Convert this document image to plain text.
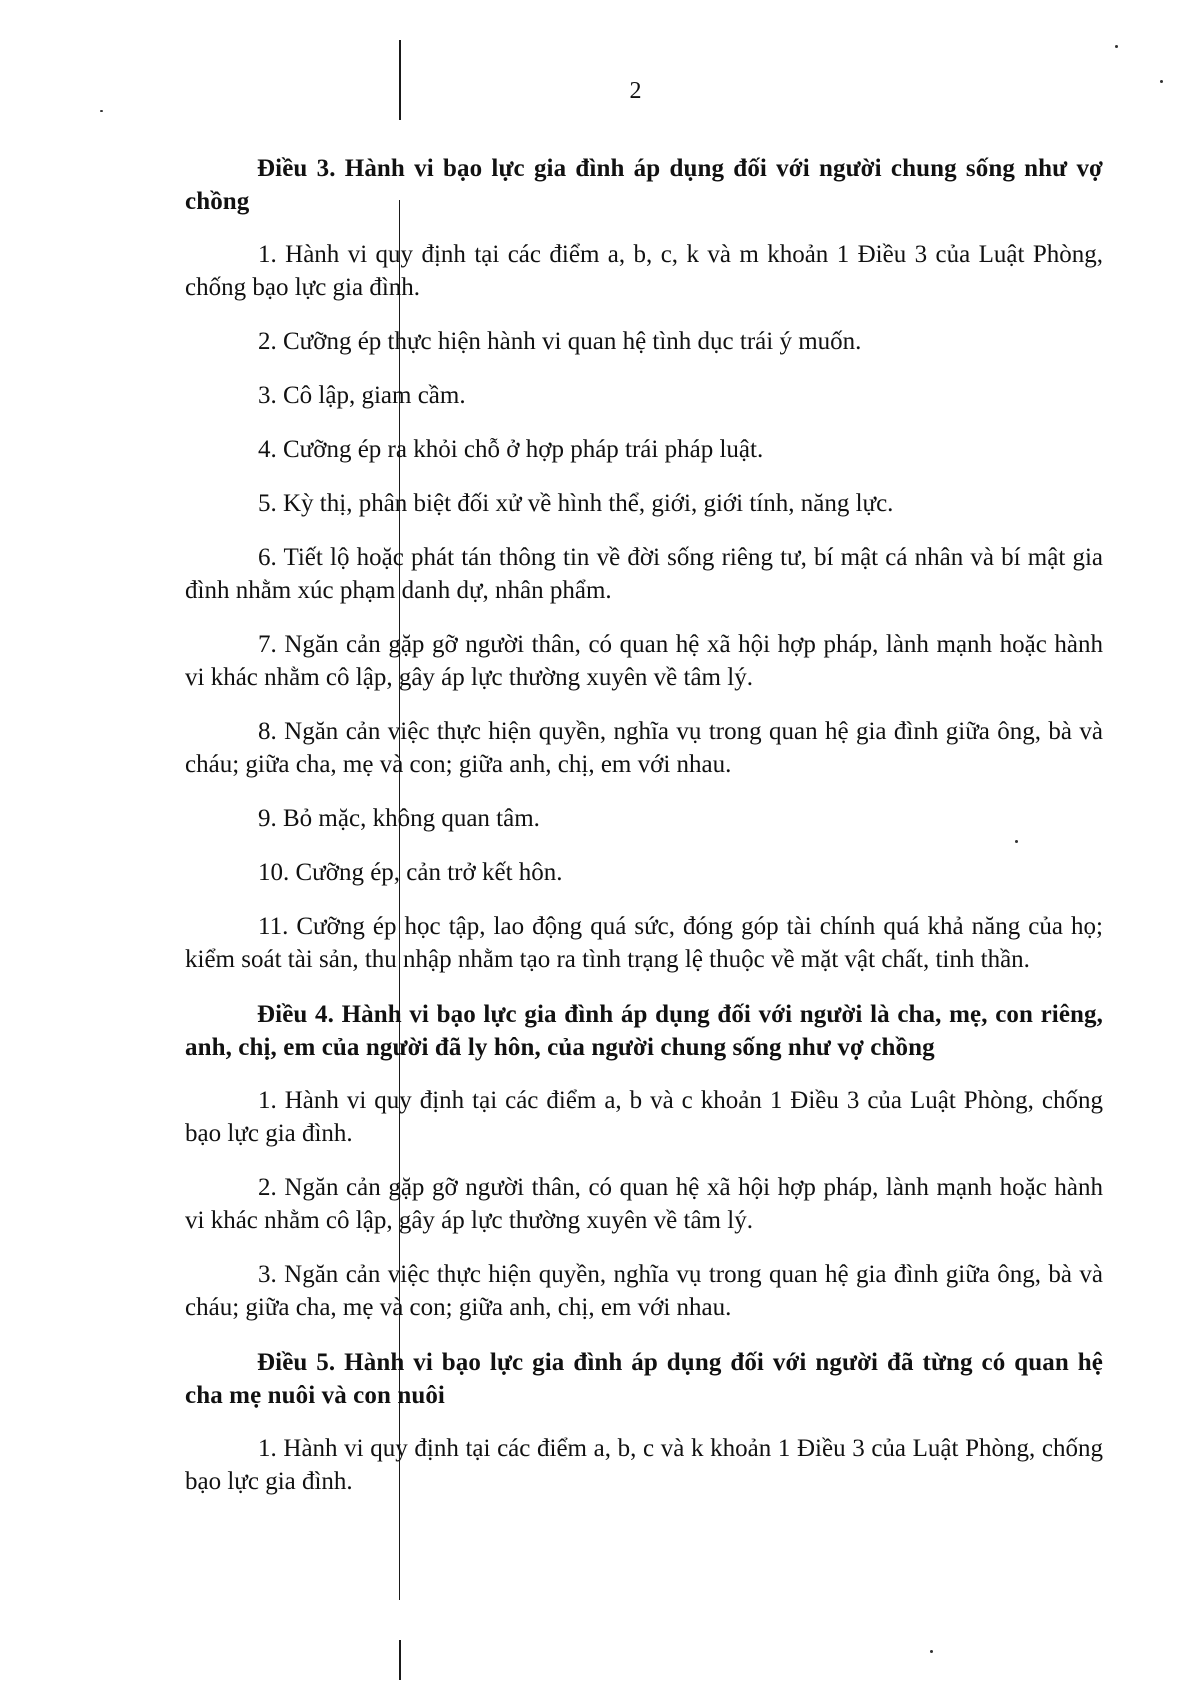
2

Điều 3. Hành vi bạo lực gia đình áp dụng đối với người chung sống như vợ chồng

1. Hành vi quy định tại các điểm a, b, c, k và m khoản 1 Điều 3 của Luật Phòng, chống bạo lực gia đình.

2. Cưỡng ép thực hiện hành vi quan hệ tình dục trái ý muốn.

3. Cô lập, giam cầm.

4. Cưỡng ép ra khỏi chỗ ở hợp pháp trái pháp luật.

5. Kỳ thị, phân biệt đối xử về hình thể, giới, giới tính, năng lực.

6. Tiết lộ hoặc phát tán thông tin về đời sống riêng tư, bí mật cá nhân và bí mật gia đình nhằm xúc phạm danh dự, nhân phẩm.

7. Ngăn cản gặp gỡ người thân, có quan hệ xã hội hợp pháp, lành mạnh hoặc hành vi khác nhằm cô lập, gây áp lực thường xuyên về tâm lý.

8. Ngăn cản việc thực hiện quyền, nghĩa vụ trong quan hệ gia đình giữa ông, bà và cháu; giữa cha, mẹ và con; giữa anh, chị, em với nhau.

9. Bỏ mặc, không quan tâm.

10. Cưỡng ép, cản trở kết hôn.

11. Cưỡng ép học tập, lao động quá sức, đóng góp tài chính quá khả năng của họ; kiểm soát tài sản, thu nhập nhằm tạo ra tình trạng lệ thuộc về mặt vật chất, tinh thần.

Điều 4. Hành vi bạo lực gia đình áp dụng đối với người là cha, mẹ, con riêng, anh, chị, em của người đã ly hôn, của người chung sống như vợ chồng

1. Hành vi quy định tại các điểm a, b và c khoản 1 Điều 3 của Luật Phòng, chống bạo lực gia đình.

2. Ngăn cản gặp gỡ người thân, có quan hệ xã hội hợp pháp, lành mạnh hoặc hành vi khác nhằm cô lập, gây áp lực thường xuyên về tâm lý.

3. Ngăn cản việc thực hiện quyền, nghĩa vụ trong quan hệ gia đình giữa ông, bà và cháu; giữa cha, mẹ và con; giữa anh, chị, em với nhau.

Điều 5. Hành vi bạo lực gia đình áp dụng đối với người đã từng có quan hệ cha mẹ nuôi và con nuôi

1. Hành vi quy định tại các điểm a, b, c và k khoản 1 Điều 3 của Luật Phòng, chống bạo lực gia đình.
